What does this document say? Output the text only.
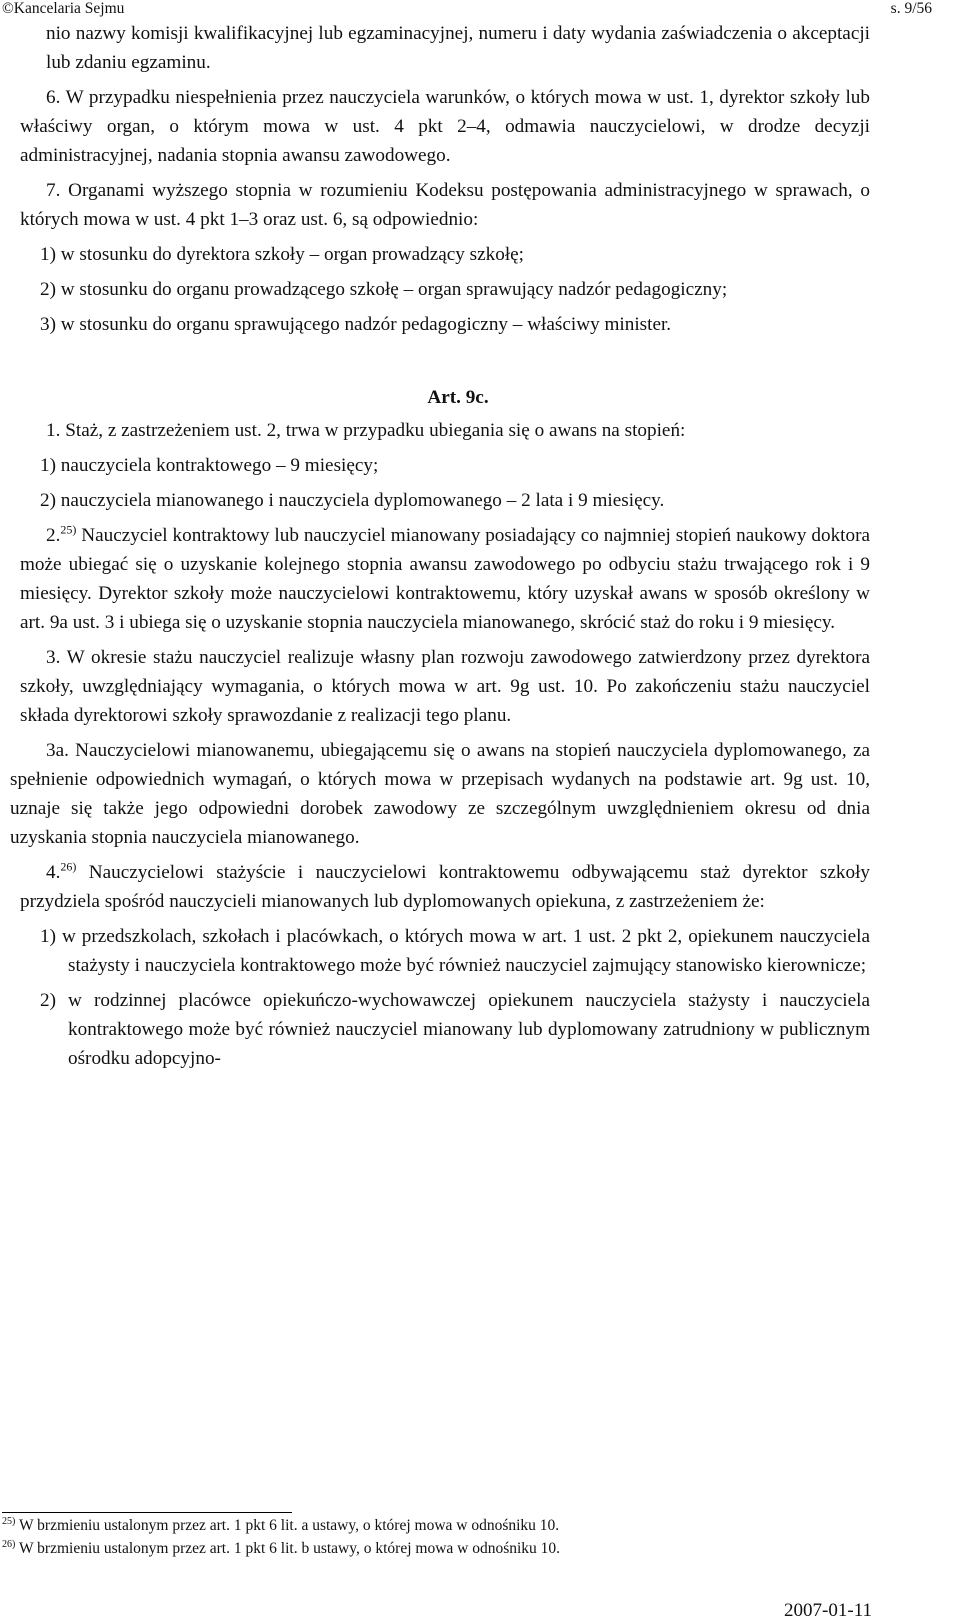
©Kancelaria Sejmu	s. 9/56

nio nazwy komisji kwalifikacyjnej lub egzaminacyjnej, numeru i daty wydania zaświadczenia o akceptacji lub zdaniu egzaminu.

6. W przypadku niespełnienia przez nauczyciela warunków, o których mowa w ust. 1, dyrektor szkoły lub właściwy organ, o którym mowa w ust. 4 pkt 2–4, odmawia nauczycielowi, w drodze decyzji administracyjnej, nadania stopnia awansu zawodowego.

7. Organami wyższego stopnia w rozumieniu Kodeksu postępowania administracyjnego w sprawach, o których mowa w ust. 4 pkt 1–3 oraz ust. 6, są odpowiednio:

1) w stosunku do dyrektora szkoły – organ prowadzący szkołę;

2) w stosunku do organu prowadzącego szkołę – organ sprawujący nadzór pedagogiczny;

3) w stosunku do organu sprawującego nadzór pedagogiczny – właściwy minister.

Art. 9c.

1. Staż, z zastrzeżeniem ust. 2, trwa w przypadku ubiegania się o awans na stopień:

1) nauczyciela kontraktowego – 9 miesięcy;

2) nauczyciela mianowanego i nauczyciela dyplomowanego – 2 lata i 9 miesięcy.

2.$^{25)}$ Nauczyciel kontraktowy lub nauczyciel mianowany posiadający co najmniej stopień naukowy doktora może ubiegać się o uzyskanie kolejnego stopnia awansu zawodowego po odbyciu stażu trwającego rok i 9 miesięcy. Dyrektor szkoły może nauczycielowi kontraktowemu, który uzyskał awans w sposób określony w art. 9a ust. 3 i ubiega się o uzyskanie stopnia nauczyciela mianowanego, skrócić staż do roku i 9 miesięcy.

3. W okresie stażu nauczyciel realizuje własny plan rozwoju zawodowego zatwierdzony przez dyrektora szkoły, uwzględniający wymagania, o których mowa w art. 9g ust. 10. Po zakończeniu stażu nauczyciel składa dyrektorowi szkoły sprawozdanie z realizacji tego planu.

3a. Nauczycielowi mianowanemu, ubiegającemu się o awans na stopień nauczyciela dyplomowanego, za spełnienie odpowiednich wymagań, o których mowa w przepisach wydanych na podstawie art. 9g ust. 10, uznaje się także jego odpowiedni dorobek zawodowy ze szczególnym uwzględnieniem okresu od dnia uzyskania stopnia nauczyciela mianowanego.

4.$^{26)}$ Nauczycielowi stażyście i nauczycielowi kontraktowemu odbywającemu staż dyrektor szkoły przydziela spośród nauczycieli mianowanych lub dyplomowanych opiekuna, z zastrzeżeniem że:

1) w przedszkolach, szkołach i placówkach, o których mowa w art. 1 ust. 2 pkt 2, opiekunem nauczyciela stażysty i nauczyciela kontraktowego może być również nauczyciel zajmujący stanowisko kierownicze;

2) w rodzinnej placówce opiekuńczo-wychowawczej opiekunem nauczyciela stażysty i nauczyciela kontraktowego może być również nauczyciel mianowany lub dyplomowany zatrudniony w publicznym ośrodku adopcyjno-

$^{25)}$ W brzmieniu ustalonym przez art. 1 pkt 6 lit. a ustawy, o której mowa w odnośniku 10.
$^{26)}$ W brzmieniu ustalonym przez art. 1 pkt 6 lit. b ustawy, o której mowa w odnośniku 10.
2007-01-11
